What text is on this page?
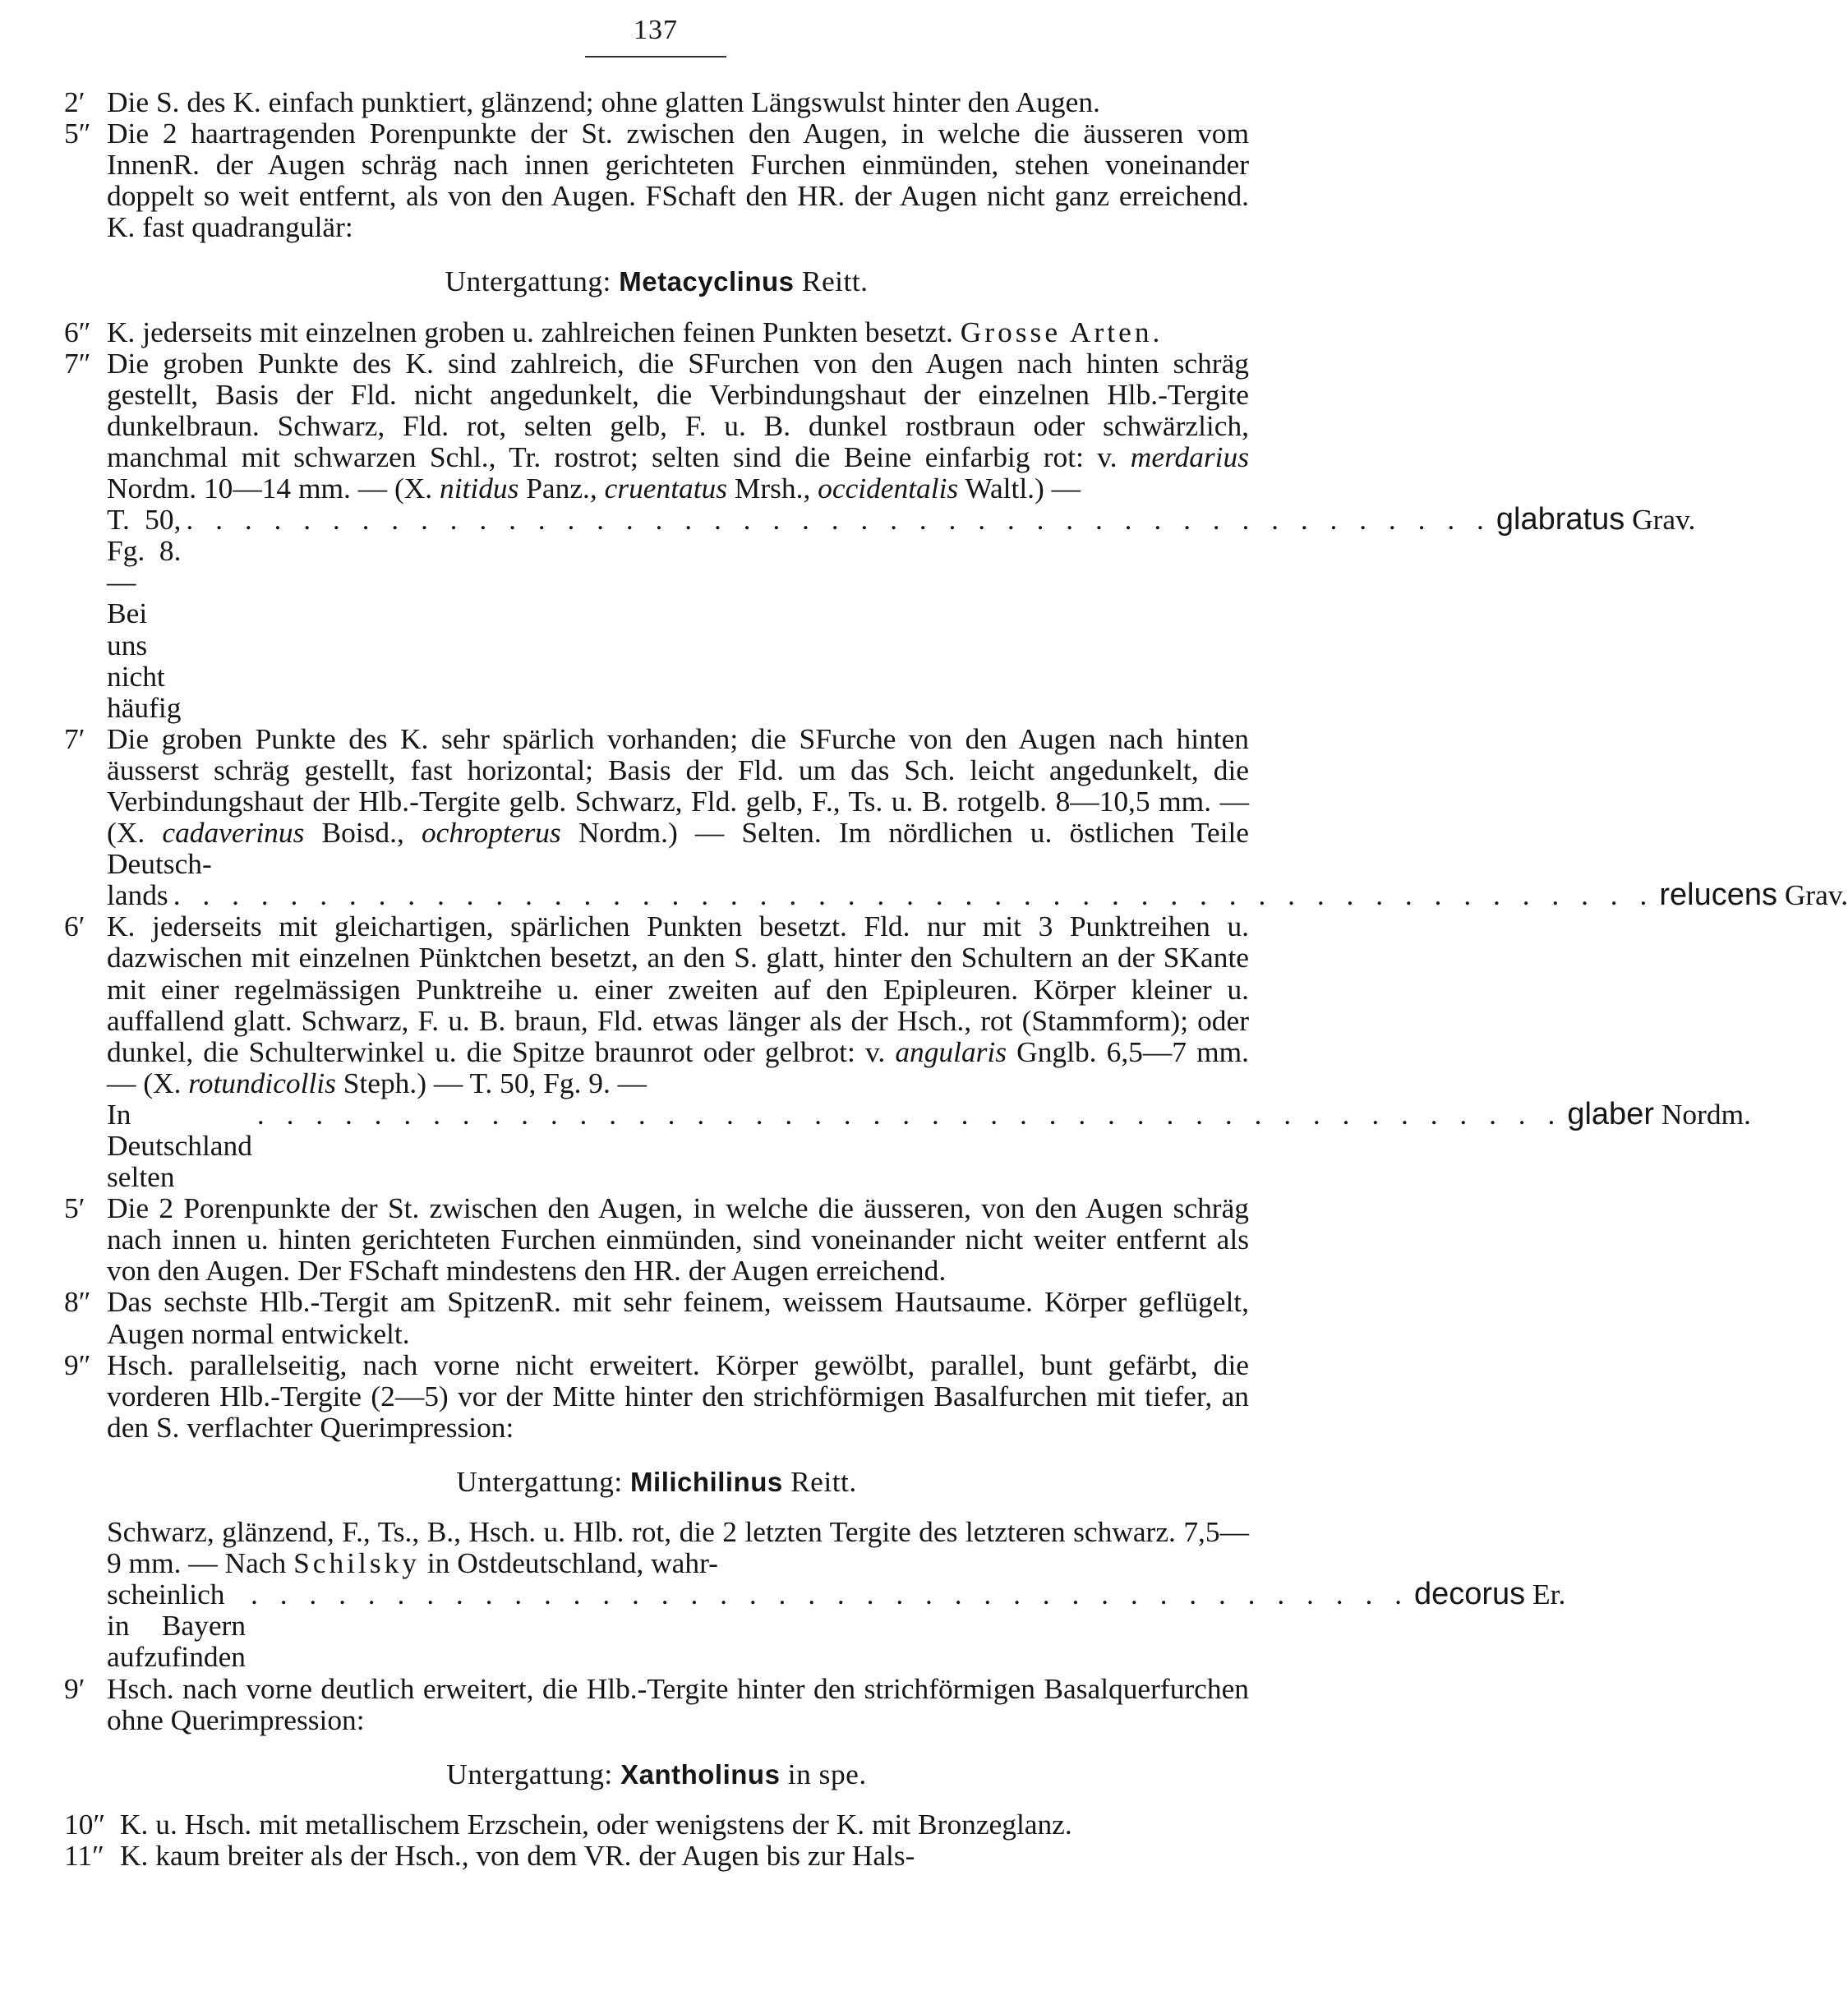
137
2′ Die S. des K. einfach punktiert, glänzend; ohne glatten Längswulst hinter den Augen.
5″ Die 2 haartragenden Porenpunkte der St. zwischen den Augen, in welche die äusseren vom InnenR. der Augen schräg nach innen gerichteten Furchen einmünden, stehen voneinander doppelt so weit entfernt, als von den Augen. FSchaft den HR. der Augen nicht ganz erreichend. K. fast quadrangulär:
Untergattung: Metacyclinus Reitt.
6″ K. jederseits mit einzelnen groben u. zahlreichen feinen Punkten besetzt. Grosse Arten.
7″ Die groben Punkte des K. sind zahlreich, die SFurchen von den Augen nach hinten schräg gestellt, Basis der Fld. nicht angedunkelt, die Verbindungshaut der einzelnen Hlb.-Tergite dunkelbraun. Schwarz, Fld. rot, selten gelb, F. u. B. dunkel rostbraun oder schwärzlich, manchmal mit schwarzen Schl., Tr. rostrot; selten sind die Beine einfarbig rot: v. merdarius Nordm. 10—14 mm. — (X. nitidus Panz., cruentatus Mrsh., occidentalis Waltl.) —
T. 50, Fg. 8. — Bei uns nicht häufig
. . . . . . . . . . . . . . . . . . . . . . . . . . . . . . . . . . . . . . . . . . . . . glabratus
Grav.
7′ Die groben Punkte des K. sehr spärlich vorhanden; die SFurche von den Augen nach hinten äusserst schräg gestellt, fast horizontal; Basis der Fld. um das Sch. leicht angedunkelt, die Verbindungshaut der Hlb.-Tergite gelb. Schwarz, Fld. gelb, F., Ts. u. B. rotgelb. 8—10,5 mm. — (X. cadaverinus Boisd., ochropterus Nordm.) — Selten. Im nördlichen u. östlichen Teile Deutsch-
lands . . . . . . . . . . . . . . . . . . . . . . . . . . . . . . . . . . . . . . . . . . . . . . . . . . . relucens
Grav.
6′ K. jederseits mit gleichartigen, spärlichen Punkten besetzt. Fld. nur mit 3 Punktreihen u. dazwischen mit einzelnen Pünktchen besetzt, an den S. glatt, hinter den Schultern an der SKante mit einer regelmässigen Punktreihe u. einer zweiten auf den Epipleuren. Körper kleiner u. auffallend glatt. Schwarz, F. u. B. braun, Fld. etwas länger als der Hsch., rot (Stammform); oder dunkel, die Schulterwinkel u. die Spitze braunrot oder gelbrot: v. angularis Gnglb. 6,5—7 mm. — (X. rotundicollis Steph.) — T. 50, Fg. 9. —
In Deutschland selten
. . . . . . . . . . . . . . . . . . . . . . . . . . . . . . . . . . . . . . . . . . . . . glaber
Nordm.
5′ Die 2 Porenpunkte der St. zwischen den Augen, in welche die äusseren, von den Augen schräg nach innen u. hinten gerichteten Furchen einmünden, sind voneinander nicht weiter entfernt als von den Augen. Der FSchaft mindestens den HR. der Augen erreichend.
8″ Das sechste Hlb.-Tergit am SpitzenR. mit sehr feinem, weissem Hautsaume. Körper geflügelt, Augen normal entwickelt.
9″ Hsch. parallelseitig, nach vorne nicht erweitert. Körper gewölbt, parallel, bunt gefärbt, die vorderen Hlb.-Tergite (2—5) vor der Mitte hinter den strichförmigen Basalfurchen mit tiefer, an den S. verflachter Querimpression:
Untergattung: Milichilinus Reitt.
Schwarz, glänzend, F., Ts., B., Hsch. u. Hlb. rot, die 2 letzten Tergite des letzteren schwarz. 7,5—9 mm. — Nach Schilsky in Ostdeutschland, wahr-
scheinlich in Bayern aufzufinden
. . . . . . . . . . . . . . . . . . . . . . . . . . . . . . . . . . . . . . . . decorus
Er.
9′ Hsch. nach vorne deutlich erweitert, die Hlb.-Tergite hinter den strichförmigen Basalquerfurchen ohne Querimpression:
Untergattung: Xantholinus in spe.
10″ K. u. Hsch. mit metallischem Erzschein, oder wenigstens der K. mit Bronzeglanz.
11″ K. kaum breiter als der Hsch., von dem VR. der Augen bis zur Hals-
